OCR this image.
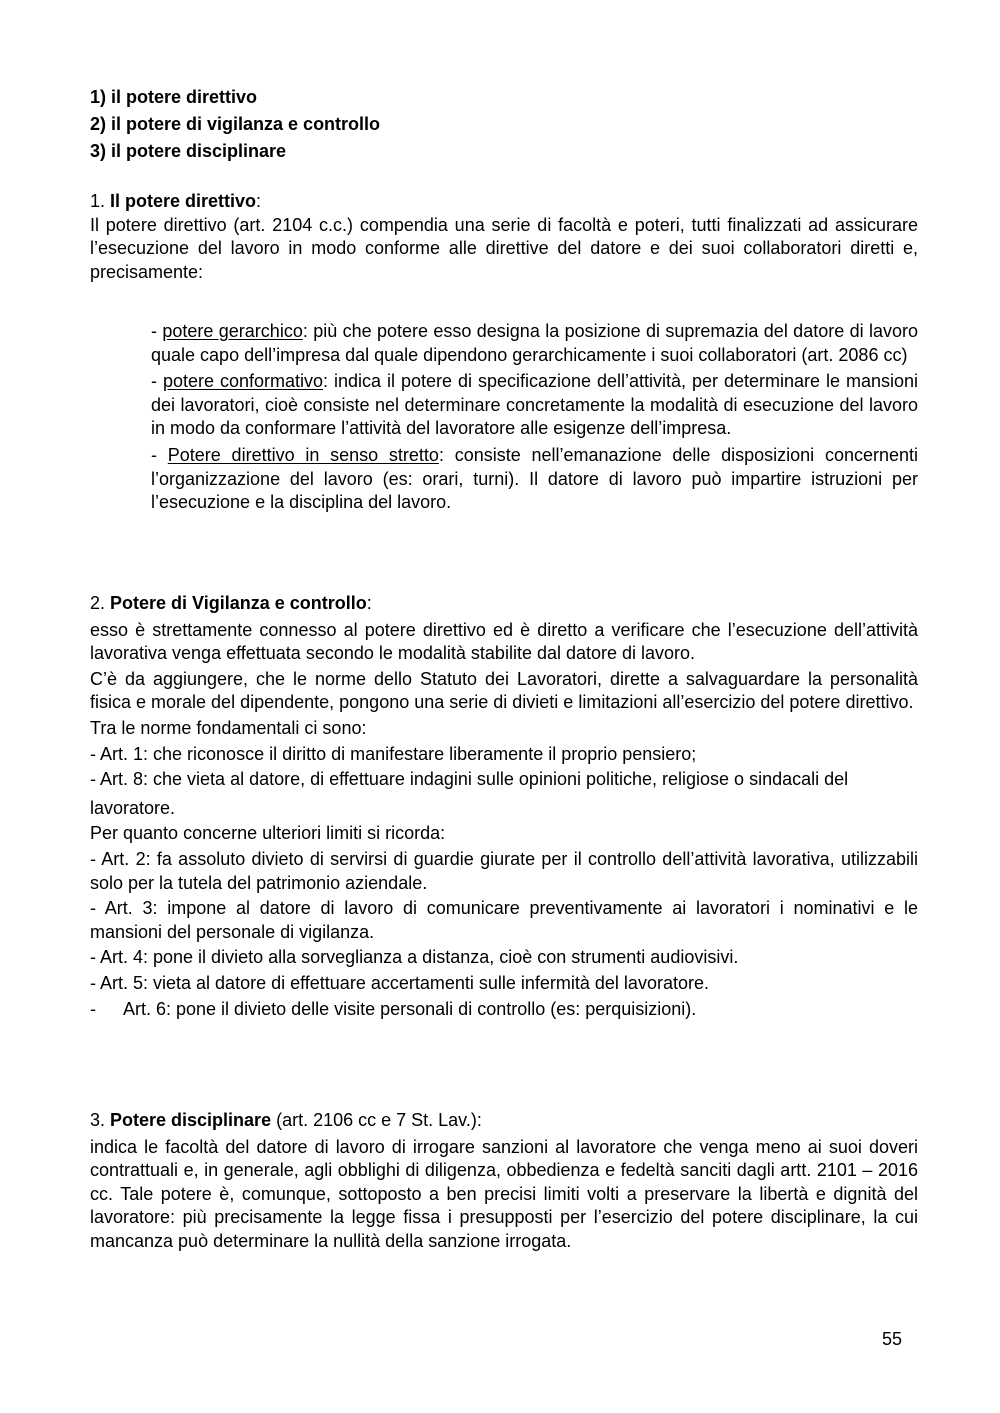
1) il potere direttivo
2) il potere di vigilanza e controllo
3) il potere disciplinare
1. Il potere direttivo:
Il potere direttivo (art. 2104 c.c.) compendia una serie di facoltà e poteri, tutti finalizzati ad assicurare l’esecuzione del lavoro in modo conforme alle direttive del datore e dei suoi collaboratori diretti e, precisamente:
- potere gerarchico: più che potere esso designa la posizione di supremazia del datore di lavoro quale capo dell’impresa dal quale dipendono gerarchicamente i suoi collaboratori (art. 2086 cc)
- potere conformativo: indica il potere di specificazione dell’attività, per determinare le mansioni dei lavoratori, cioè consiste nel determinare concretamente la modalità di esecuzione del lavoro in modo da conformare l’attività del lavoratore alle esigenze dell’impresa.
- Potere direttivo in senso stretto: consiste nell’emanazione delle disposizioni concernenti l’organizzazione del lavoro (es: orari, turni). Il datore di lavoro può impartire istruzioni per l’esecuzione e la disciplina del lavoro.
2. Potere di Vigilanza e controllo:
esso è strettamente connesso al potere direttivo ed è diretto a verificare che l’esecuzione dell’attività lavorativa venga effettuata secondo le modalità stabilite dal datore di lavoro.
C’è da aggiungere, che le norme dello Statuto dei Lavoratori, dirette a salvaguardare la personalità fisica e morale del dipendente, pongono una serie di divieti e limitazioni all’esercizio del potere direttivo.
Tra le norme fondamentali ci sono:
- Art. 1: che riconosce il diritto di manifestare liberamente il proprio pensiero;
- Art. 8: che vieta al datore, di effettuare indagini sulle opinioni politiche, religiose o sindacali del
lavoratore.
Per quanto concerne ulteriori limiti si ricorda:
- Art. 2: fa assoluto divieto di servirsi di guardie giurate per il controllo dell’attività lavorativa, utilizzabili solo per la tutela del patrimonio aziendale.
- Art. 3: impone al datore di lavoro di comunicare preventivamente ai lavoratori i nominativi e le mansioni del personale di vigilanza.
- Art. 4: pone il divieto alla sorveglianza a distanza, cioè con strumenti audiovisivi.
- Art. 5: vieta al datore di effettuare accertamenti sulle infermità del lavoratore.
-	Art. 6: pone il divieto delle visite personali di controllo (es: perquisizioni).
3. Potere disciplinare (art. 2106 cc e 7 St. Lav.):
indica le facoltà del datore di lavoro di irrogare sanzioni al lavoratore che venga meno ai suoi doveri contrattuali e, in generale, agli obblighi di diligenza, obbedienza e fedeltà sanciti dagli artt. 2101 – 2016 cc. Tale potere è, comunque, sottoposto a ben precisi limiti volti a preservare la libertà e dignità del lavoratore: più precisamente la legge fissa i presupposti per l’esercizio del potere disciplinare, la cui mancanza può determinare la nullità della sanzione irrogata.
55
